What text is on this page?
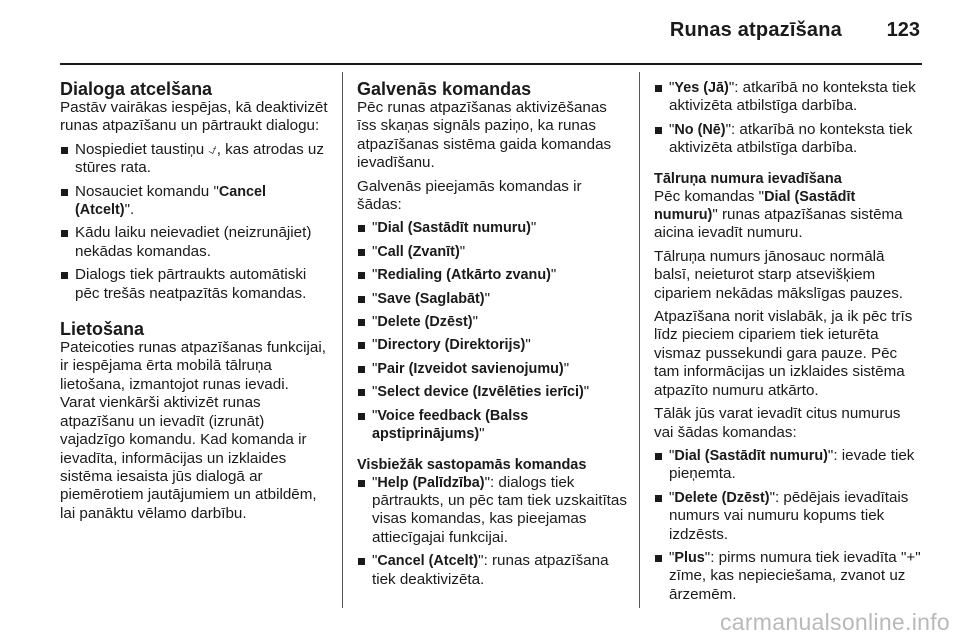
Runas atpazīšana 123
Dialoga atcelšana

Pastāv vairākas iespējas, kā deaktivizēt runas atpazīšanu un pārtraukt dialogu:

Nospiediet taustiņu ⍻, kas atrodas uz stūres rata.
Nosauciet komandu "Cancel (Atcelt)".
Kādu laiku neievadiet (neizrunājiet) nekādas komandas.
Dialogs tiek pārtraukts automātiski pēc trešās neatpazītās komandas.
Lietošana

Pateicoties runas atpazīšanas funkcijai, ir iespējama ērta mobilā tālruņa lietošana, izmantojot runas ievadi. Varat vienkārši aktivizēt runas atpazīšanu un ievadīt (izrunāt) vajadzīgo komandu. Kad komanda ir ievadīta, informācijas un izklaides sistēma iesaista jūs dialogā ar piemērotiem jautājumiem un atbildēm, lai panāktu vēlamo darbību.

Galvenās komandas

Pēc runas atpazīšanas aktivizēšanas īss skaņas signāls paziņo, ka runas atpazīšanas sistēma gaida komandas ievadīšanu.

Galvenās pieejamās komandas ir šādas:

"Dial (Sastādīt numuru)"
"Call (Zvanīt)"
"Redialing (Atkārto zvanu)"
"Save (Saglabāt)"
"Delete (Dzēst)"
"Directory (Direktorijs)"
"Pair (Izveidot savienojumu)"
"Select device (Izvēlēties ierīci)"
"Voice feedback (Balss apstiprinājums)"
Visbiežāk sastopamās komandas
"Help (Palīdzība)": dialogs tiek pārtraukts, un pēc tam tiek uzskaitītas visas komandas, kas pieejamas attiecīgajai funkcijai.
"Cancel (Atcelt)": runas atpazīšana tiek deaktivizēta.
"Yes (Jā)": atkarībā no konteksta tiek aktivizēta atbilstīga darbība.
"No (Nē)": atkarībā no konteksta tiek aktivizēta atbilstīga darbība.
Tālruņa numura ievadīšana

Pēc komandas "Dial (Sastādīt numuru)" runas atpazīšanas sistēma aicina ievadīt numuru.

Tālruņa numurs jānosauc normālā balsī, neieturot starp atsevišķiem cipariem nekādas mākslīgas pauzes.

Atpazīšana norit vislabāk, ja ik pēc trīs līdz pieciem cipariem tiek ieturēta vismaz pussekundi gara pauze. Pēc tam informācijas un izklaides sistēma atpazīto numuru atkārto.

Tālāk jūs varat ievadīt citus numurus vai šādas komandas:

"Dial (Sastādīt numuru)": ievade tiek pieņemta.
"Delete (Dzēst)": pēdējais ievadītais numurs vai numuru kopums tiek izdzēsts.
"Plus": pirms numura tiek ievadīta "+" zīme, kas nepieciešama, zvanot uz ārzemēm.
carmanualsonline.info
